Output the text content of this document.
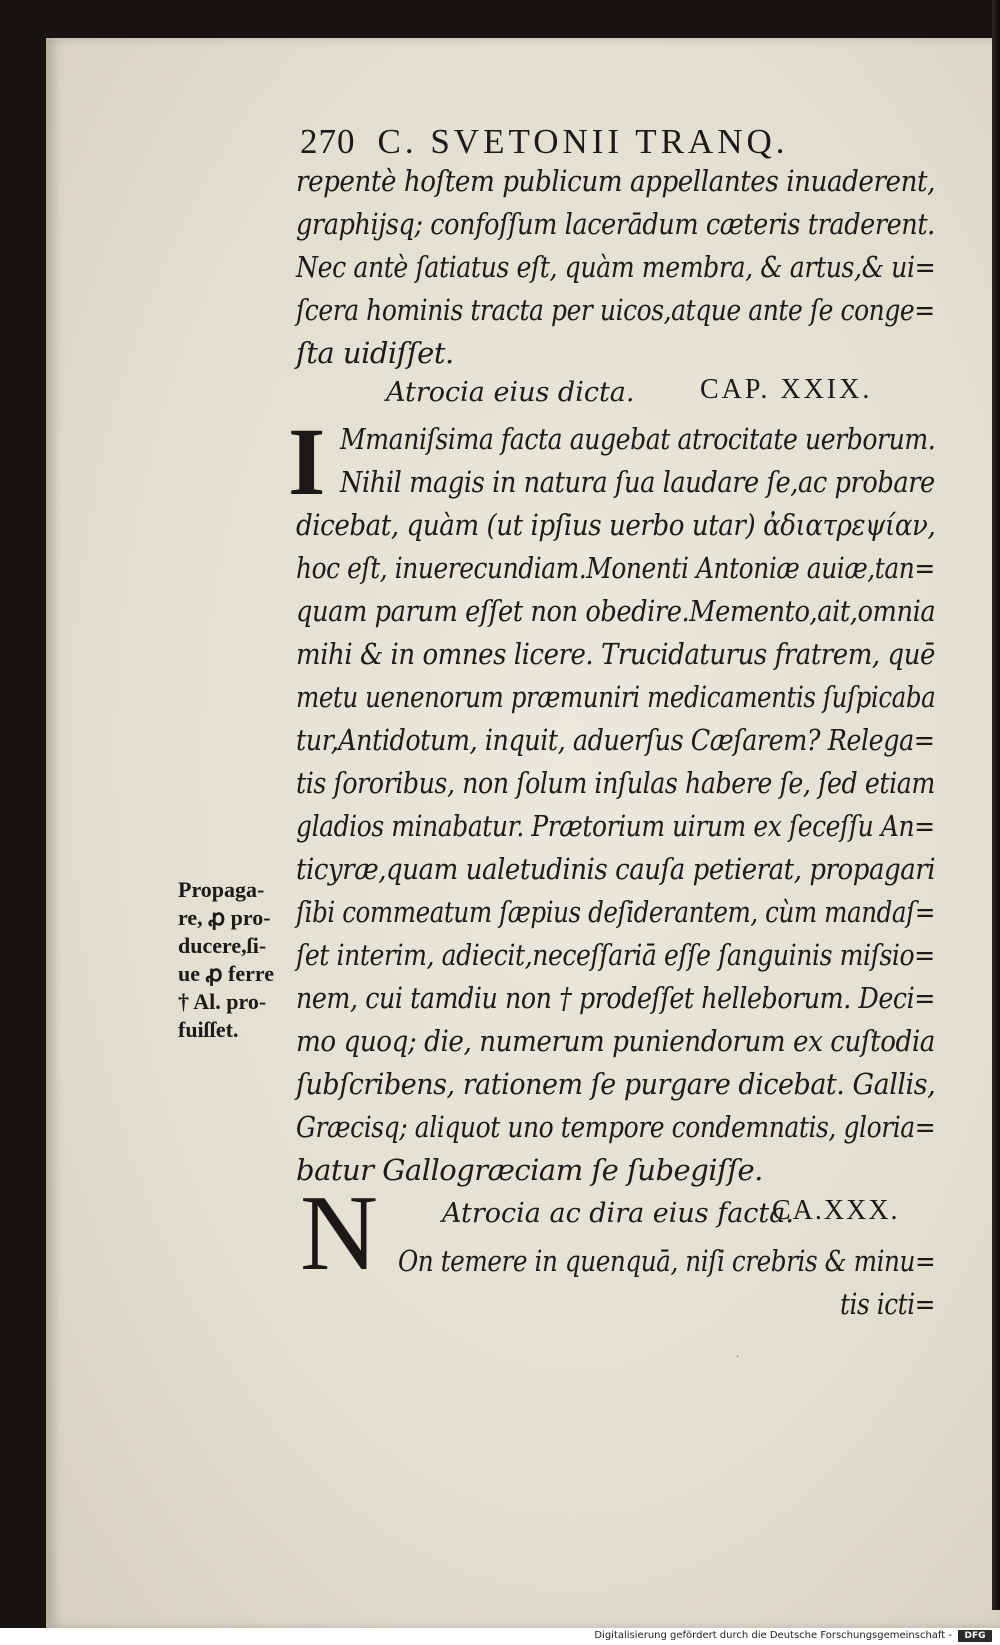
270 C. SVETONII TRANQ.
repentè hoſtem publicum appellantes inuaderent,
graphijsq; confoſſum lacerādum cæteris traderent.
Nec antè ſatiatus eſt, quàm membra, & artus,& ui=
ſcera hominis tracta per uicos,atque ante ſe conge=
ſta uidiſſet.
Atrocia eius dicta. CAP. XXIX.
I Mmaniſsima facta augebat atrocitate uerborum.
Nihil magis in natura ſua laudare ſe,ac probare
dicebat, quàm (ut ipſius uerbo utar) ἀδιατρεψίαν,
hoc eſt, inuerecundiam.Monenti Antoniæ auiæ,tan=
quam parum eſſet non obedire.Memento,ait,omnia
mihi & in omnes licere. Trucidaturus fratrem, quē
metu uenenorum præmuniri medicamentis ſuſpicaba
tur,Antidotum, inquit, aduerſus Cæſarem? Relega=
tis ſororibus, non ſolum inſulas habere ſe, ſed etiam
gladios minabatur. Prætorium uirum ex ſeceſſu An=
ticyræ,quam ualetudinis cauſa petierat, propagari
ſibi commeatum ſæpius deſiderantem, cùm mandaſ=
ſet interim, adiecit,neceſſariā eſſe ſanguinis miſsio=
nem, cui tamdiu non † prodeſſet helleborum. Deci=
mo quoq; die, numerum puniendorum ex cuſtodia
ſubſcribens, rationem ſe purgare dicebat. Gallis,
Græcisq; aliquot uno tempore condemnatis, gloria=
batur Gallogræciam ſe ſubegiſſe.
Propaga-
re, ꝓ pro-
ducere,ſi-
ue ꝓ ferre
† Al. pro-
fuiſſet.
N Atrocia ac dira eius facta.
CA.XXX.
On temere in quenquā, niſi crebris & minu=
tis icti=
·
Digitalisierung gefördert durch die Deutsche Forschungsgemeinschaft -	DFG
